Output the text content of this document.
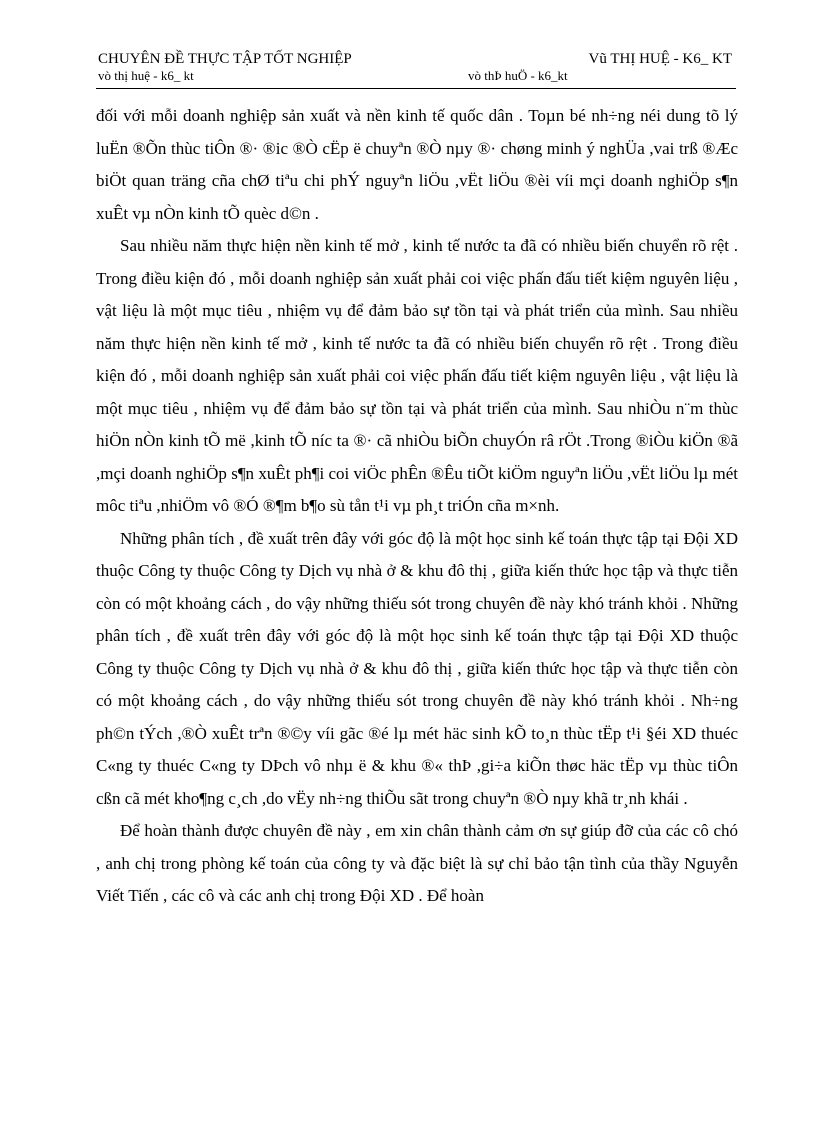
CHUYÊN ĐỀ THỰC TẬP TỐT NGHIỆP	Vũ THỊ HUỆ - K6_ KT
vò thị huệ - k6_ kt	vò thÞ huÖ - k6_kt

đối với mỗi doanh nghiệp sản xuất và nền kinh tế quốc dân . Toµn bé nh÷ng néi dung tõ lý luËn ®Õn thùc tiÔn ®· ®ic ®Ò cËp ë chuyªn ®Ò nµy ®· chøng minh ý nghÜa ,vai trß ®Æc biÖt quan träng cña chØ tiªu chi phÝ nguyªn liÖu ,vËt liÖu ®èi víi mçi doanh nghiÖp s¶n xuÊt vµ nÒn kinh tÕ quèc d©n .

Sau nhiều năm thực hiện nền kinh tế mở , kinh tế nước ta đã có nhiều biến chuyển rõ rệt . Trong điều kiện đó , mỗi doanh nghiệp sản xuất phải coi việc phấn đấu tiết kiệm nguyên liệu , vật liệu là một mục tiêu , nhiệm vụ để đảm bảo sự tồn tại và phát triển của mình. Sau nhiều năm thực hiện nền kinh tế mở , kinh tế nước ta đã có nhiều biến chuyển rõ rệt . Trong điều kiện đó , mỗi doanh nghiệp sản xuất phải coi việc phấn đấu tiết kiệm nguyên liệu , vật liệu là một mục tiêu , nhiệm vụ để đảm bảo sự tồn tại và phát triển của mình. Sau nhiÒu n¨m thùc hiÖn nÒn kinh tÕ më ,kinh tÕ níc ta ®· cã nhiÒu biÕn chuyÓn râ rÖt .Trong ®iÒu kiÖn ®ã ,mçi doanh nghiÖp s¶n xuÊt ph¶i coi viÖc phÊn ®Êu tiÕt kiÖm nguyªn liÖu ,vËt liÖu lµ mét môc tiªu ,nhiÖm vô ®Ó ®¶m b¶o sù tån t¹i vµ ph¸t triÓn cña m×nh.

Những phân tích , đề xuất trên đây với góc độ là một học sinh kế toán thực tập tại Đội XD thuộc Công ty thuộc Công ty Dịch vụ nhà ở & khu đô thị , giữa kiến thức học tập và thực tiễn còn có một khoảng cách , do vậy những thiếu sót trong chuyên đề này khó tránh khỏi . Những phân tích , đề xuất trên đây với góc độ là một học sinh kế toán thực tập tại Đội XD thuộc Công ty thuộc Công ty Dịch vụ nhà ở & khu đô thị , giữa kiến thức học tập và thực tiễn còn có một khoảng cách , do vậy những thiếu sót trong chuyên đề này khó tránh khỏi . Nh÷ng ph©n tÝch ,®Ò xuÊt trªn ®©y víi gãc ®é lµ mét häc sinh kÕ to¸n thùc tËp t¹i §éi XD thuéc C«ng ty thuéc C«ng ty DÞch vô nhµ ë & khu ®« thÞ ,gi÷a kiÕn thøc häc tËp vµ thùc tiÔn cßn cã mét kho¶ng c¸ch ,do vËy nh÷ng thiÕu sãt trong chuyªn ®Ò nµy khã tr¸nh khái .

Để hoàn thành được chuyên đề này , em xin chân thành cảm ơn sự giúp đỡ của các cô chó , anh chị trong phòng kế toán của công ty và đặc biệt là sự chỉ bảo tận tình của thầy Nguyễn Viết Tiến , các cô và các anh chị trong Đội XD . Để hoàn
